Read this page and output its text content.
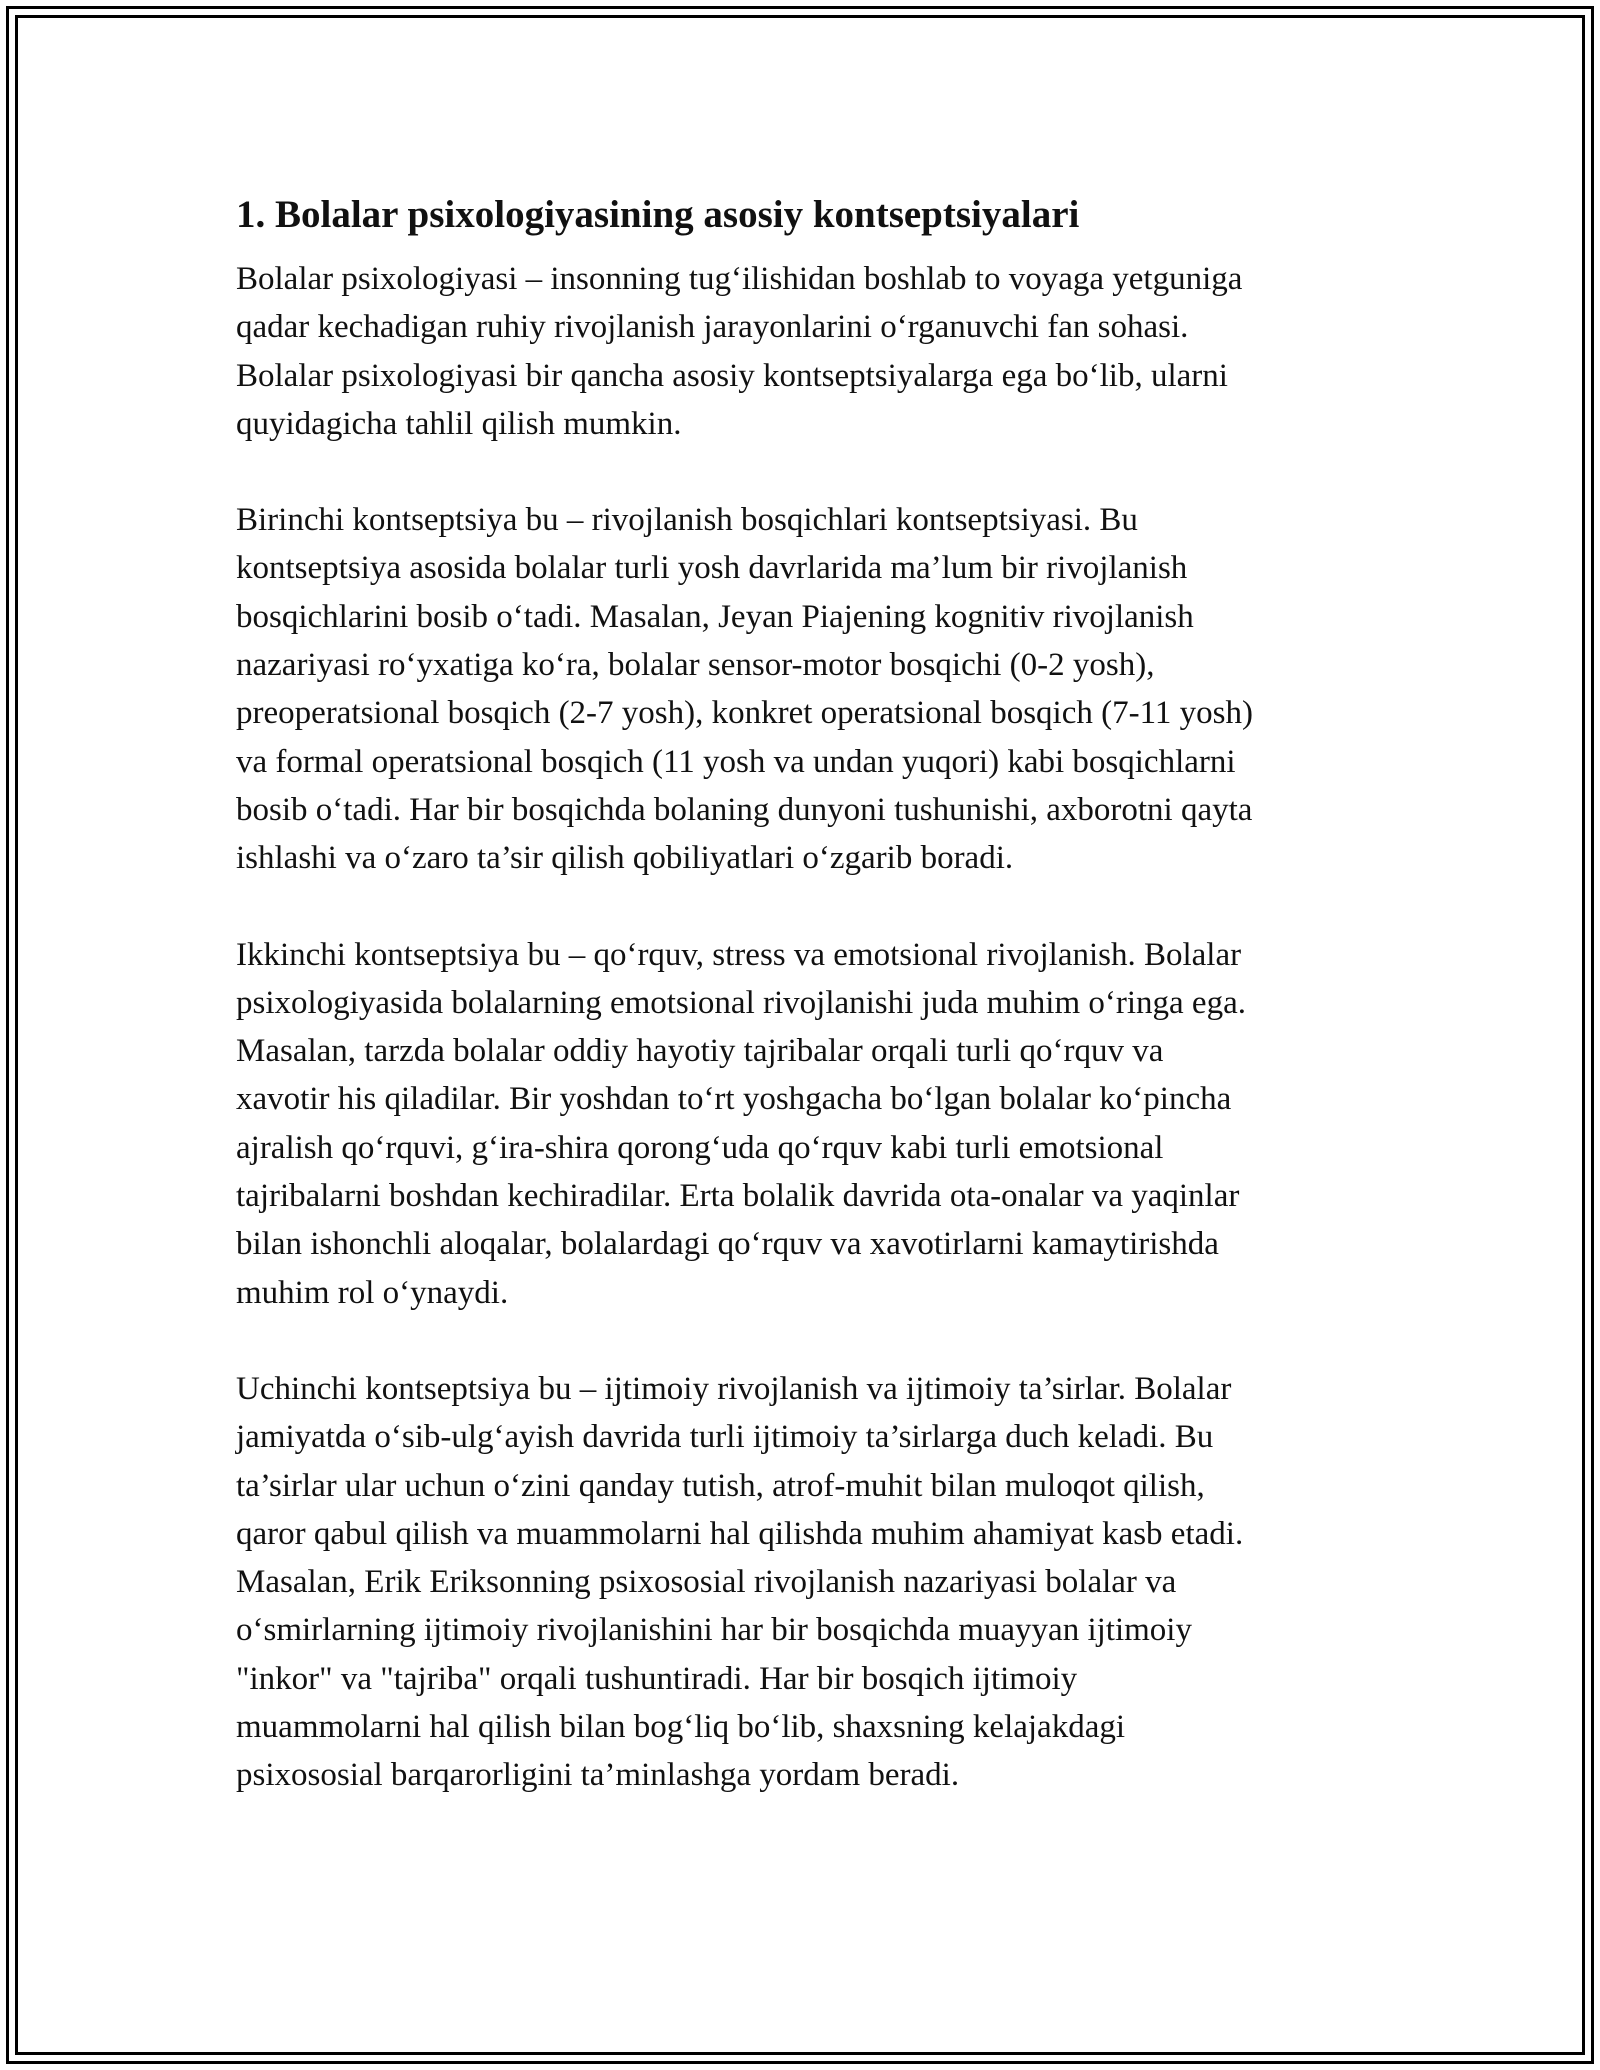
1. Bolalar psixologiyasining asosiy kontseptsiyalari

Bolalar psixologiyasi – insonning tug‘ilishidan boshlab to voyaga yetguniga
qadar kechadigan ruhiy rivojlanish jarayonlarini o‘rganuvchi fan sohasi.
Bolalar psixologiyasi bir qancha asosiy kontseptsiyalarga ega bo‘lib, ularni
quyidagicha tahlil qilish mumkin.

Birinchi kontseptsiya bu – rivojlanish bosqichlari kontseptsiyasi. Bu
kontseptsiya asosida bolalar turli yosh davrlarida ma’lum bir rivojlanish
bosqichlarini bosib o‘tadi. Masalan, Jeyan Piajening kognitiv rivojlanish
nazariyasi ro‘yxatiga ko‘ra, bolalar sensor-motor bosqichi (0-2 yosh),
preoperatsional bosqich (2-7 yosh), konkret operatsional bosqich (7-11 yosh)
va formal operatsional bosqich (11 yosh va undan yuqori) kabi bosqichlarni
bosib o‘tadi. Har bir bosqichda bolaning dunyoni tushunishi, axborotni qayta
ishlashi va o‘zaro ta’sir qilish qobiliyatlari o‘zgarib boradi.

Ikkinchi kontseptsiya bu – qo‘rquv, stress va emotsional rivojlanish. Bolalar
psixologiyasida bolalarning emotsional rivojlanishi juda muhim o‘ringa ega.
Masalan, tarzda bolalar oddiy hayotiy tajribalar orqali turli qo‘rquv va
xavotir his qiladilar. Bir yoshdan to‘rt yoshgacha bo‘lgan bolalar ko‘pincha
ajralish qo‘rquvi, g‘ira-shira qorong‘uda qo‘rquv kabi turli emotsional
tajribalarni boshdan kechiradilar. Erta bolalik davrida ota-onalar va yaqinlar
bilan ishonchli aloqalar, bolalardagi qo‘rquv va xavotirlarni kamaytirishda
muhim rol o‘ynaydi.

Uchinchi kontseptsiya bu – ijtimoiy rivojlanish va ijtimoiy ta’sirlar. Bolalar
jamiyatda o‘sib-ulg‘ayish davrida turli ijtimoiy ta’sirlarga duch keladi. Bu
ta’sirlar ular uchun o‘zini qanday tutish, atrof-muhit bilan muloqot qilish,
qaror qabul qilish va muammolarni hal qilishda muhim ahamiyat kasb etadi.
Masalan, Erik Eriksonning psixososial rivojlanish nazariyasi bolalar va
o‘smirlarning ijtimoiy rivojlanishini har bir bosqichda muayyan ijtimoiy
"inkor" va "tajriba" orqali tushuntiradi. Har bir bosqich ijtimoiy
muammolarni hal qilish bilan bog‘liq bo‘lib, shaxsning kelajakdagi
psixososial barqarorligini ta’minlashga yordam beradi.
